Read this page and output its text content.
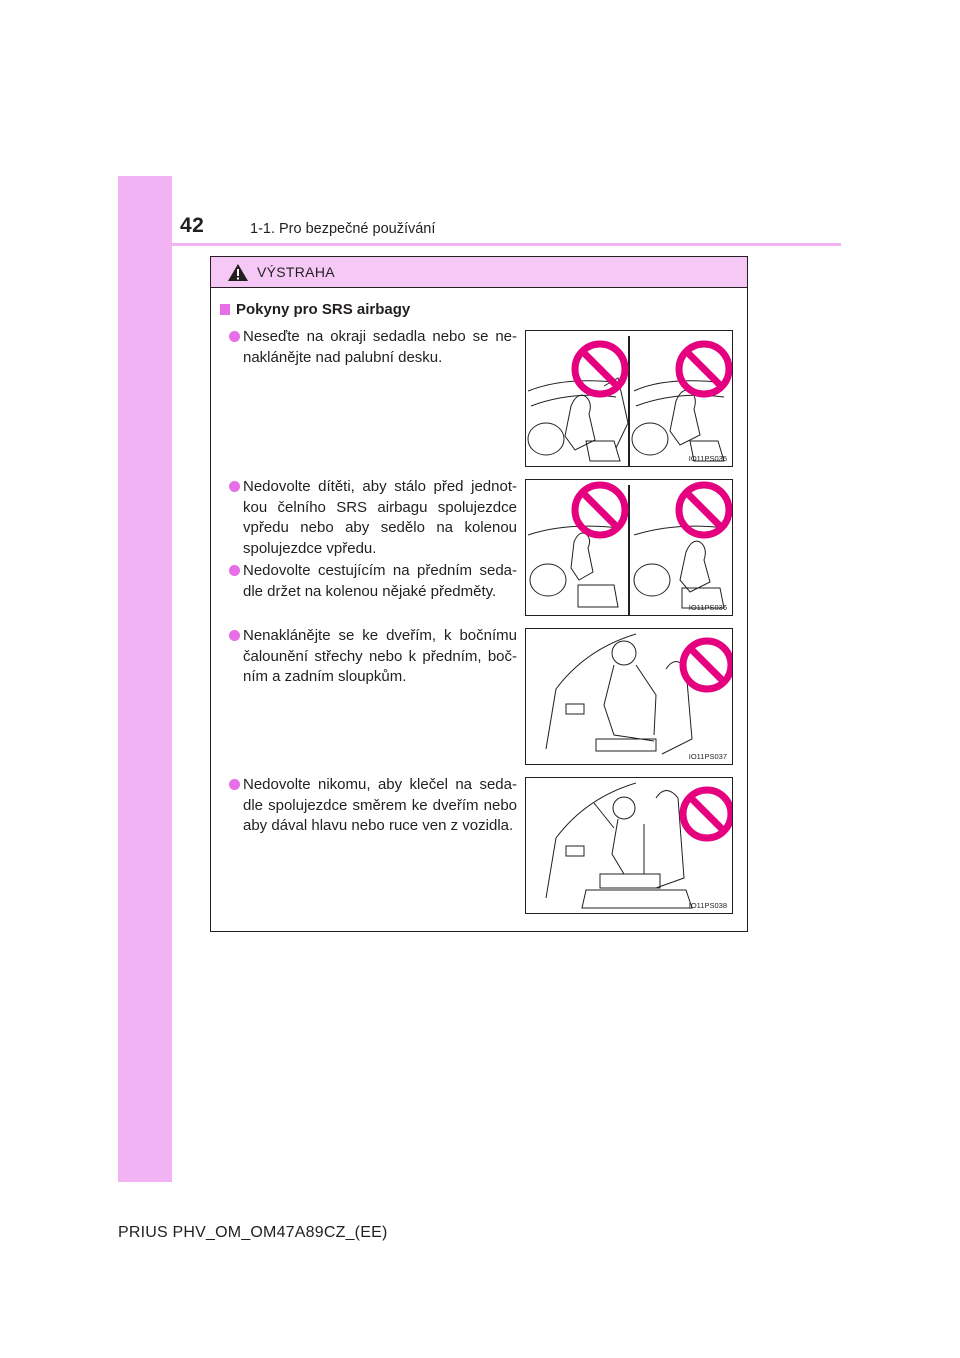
42	1-1. Pro bezpečné používání
VÝSTRAHA
Pokyny pro SRS airbagy
Neseďte na okraji sedadla nebo se ne-naklánějte nad palubní desku.
Nedovolte dítěti, aby stálo před jednot-kou čelního SRS airbagu spolujezdce vpředu nebo aby sedělo na kolenou spolujezdce vpředu.
Nedovolte cestujícím na předním seda-dle držet na kolenou nějaké předměty.
Nenaklánějte se ke dveřím, k bočnímu čalounění střechy nebo k předním, boč-ním a zadním sloupkům.
Nedovolte nikomu, aby klečel na seda-dle spolujezdce směrem ke dveřím nebo aby dával hlavu nebo ruce ven z vozidla.
IO11PS035
IO11PS036
IO11PS037
IO11PS038
PRIUS PHV_OM_OM47A89CZ_(EE)
